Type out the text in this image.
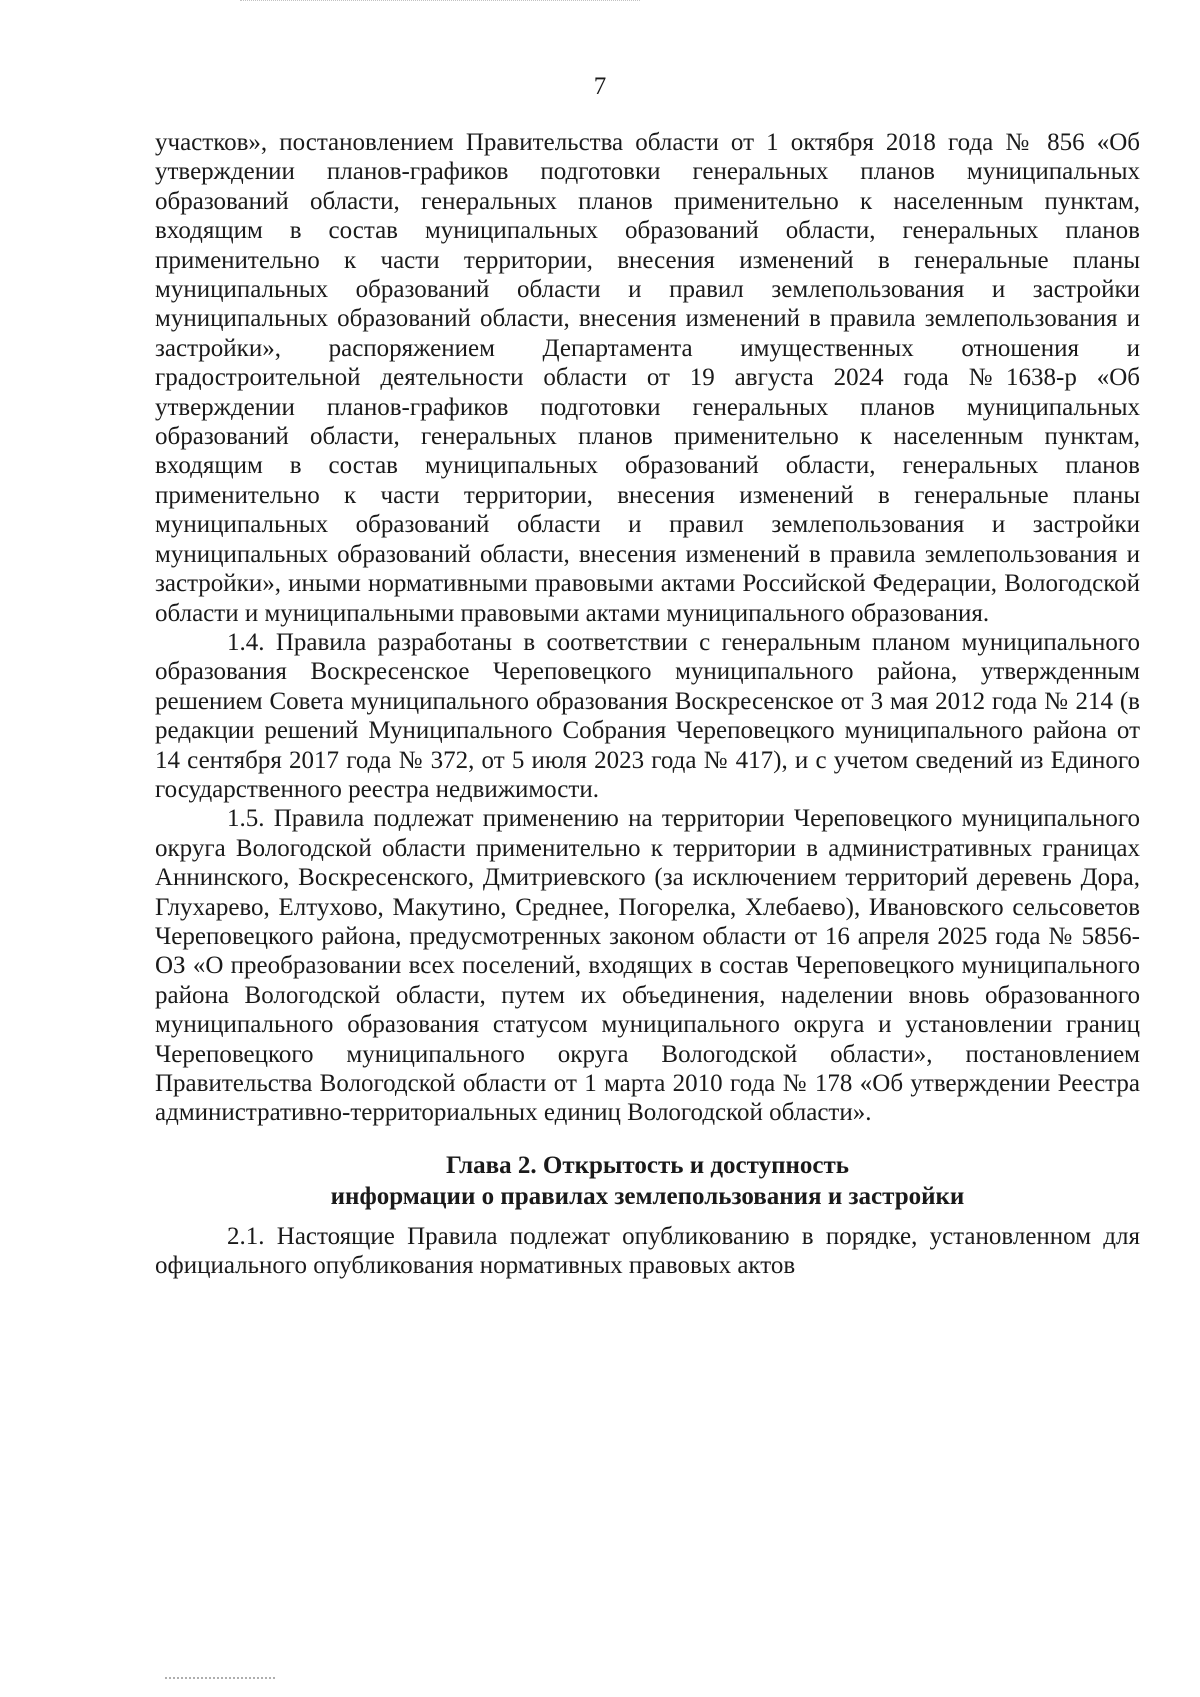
7

участков», постановлением Правительства области от 1 октября 2018 года № 856 «Об утверждении планов-графиков подготовки генеральных планов муниципальных образований области, генеральных планов применительно к населенным пунктам, входящим в состав муниципальных образований области, генеральных планов применительно к части территории, внесения изменений в генеральные планы муниципальных образований области и правил землепользования и застройки муниципальных образований области, внесения изменений в правила землепользования и застройки», распоряжением Департамента имущественных отношения и градостроительной деятельности области от 19 августа 2024 года №1638-р «Об утверждении планов-графиков подготовки генеральных планов муниципальных образований области, генеральных планов применительно к населенным пунктам, входящим в состав муниципальных образований области, генеральных планов применительно к части территории, внесения изменений в генеральные планы муниципальных образований области и правил землепользования и застройки муниципальных образований области, внесения изменений в правила землепользования и застройки», иными нормативными правовыми актами Российской Федерации, Вологодской области и муниципальными правовыми актами муниципального образования.

1.4. Правила разработаны в соответствии с генеральным планом муниципального образования Воскресенское Череповецкого муниципального района, утвержденным решением Совета муниципального образования Воскресенское от 3 мая 2012 года № 214 (в редакции решений Муниципального Собрания Череповецкого муниципального района от 14 сентября 2017 года № 372, от 5 июля 2023 года № 417), и с учетом сведений из Единого государственного реестра недвижимости.

1.5. Правила подлежат применению на территории Череповецкого муниципального округа Вологодской области применительно к территории в административных границах Аннинского, Воскресенского, Дмитриевского (за исключением территорий деревень Дора, Глухарево, Елтухово, Макутино, Среднее, Погорелка, Хлебаево), Ивановского сельсоветов Череповецкого района, предусмотренных законом области от 16 апреля 2025 года № 5856-ОЗ «О преобразовании всех поселений, входящих в состав Череповецкого муниципального района Вологодской области, путем их объединения, наделении вновь образованного муниципального образования статусом муниципального округа и установлении границ Череповецкого муниципального округа Вологодской области», постановлением Правительства Вологодской области от 1 марта 2010 года № 178 «Об утверждении Реестра административно-территориальных единиц Вологодской области».

Глава 2. Открытость и доступность
информации о правилах землепользования и застройки

2.1. Настоящие Правила подлежат опубликованию в порядке, установленном для официального опубликования нормативных правовых актов
